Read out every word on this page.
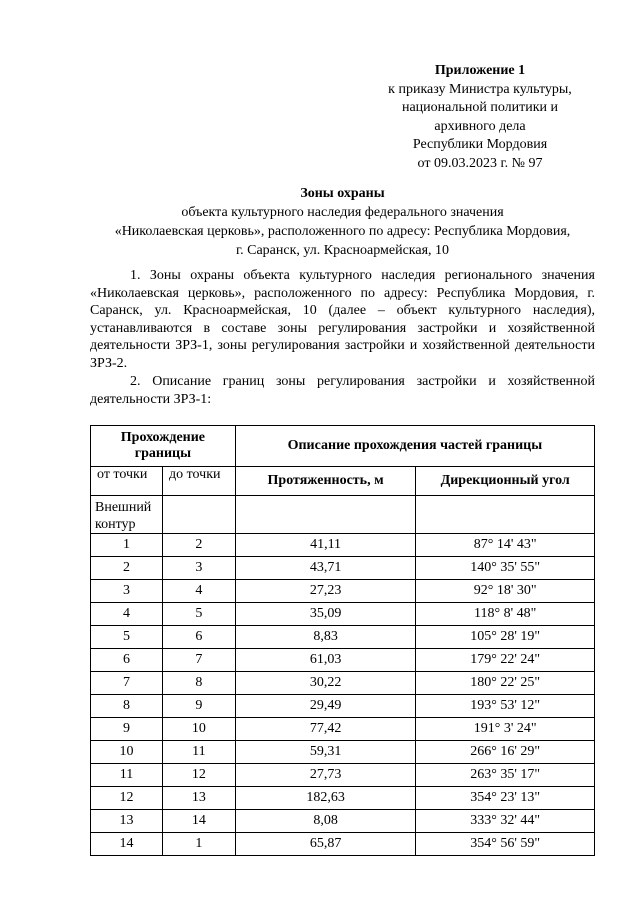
Приложение 1
к приказу Министра культуры,
национальной политики и
архивного дела
Республики Мордовия
от 09.03.2023 г. № 97
Зоны охраны
объекта культурного наследия федерального значения
«Николаевская церковь», расположенного по адресу: Республика Мордовия,
г. Саранск, ул. Красноармейская, 10

1. Зоны охраны объекта культурного наследия регионального значения «Николаевская церковь», расположенного по адресу: Республика Мордовия, г. Саранск, ул. Красноармейская, 10 (далее – объект культурного наследия), устанавливаются в составе зоны регулирования застройки и хозяйственной деятельности ЗРЗ-1, зоны регулирования застройки и хозяйственной деятельности ЗРЗ-2.

2. Описание границ зоны регулирования застройки и хозяйственной деятельности ЗРЗ-1:

Прохождение границы		Описание прохождения частей границы	
от точки	до точки	Протяженность, м	Дирекционный угол
Внешний контур			
1	2	41,11	87° 14' 43"
2	3	43,71	140° 35' 55"
3	4	27,23	92° 18' 30"
4	5	35,09	118° 8' 48"
5	6	8,83	105° 28' 19"
6	7	61,03	179° 22' 24"
7	8	30,22	180° 22' 25"
8	9	29,49	193° 53' 12"
9	10	77,42	191° 3' 24"
10	11	59,31	266° 16' 29"
11	12	27,73	263° 35' 17"
12	13	182,63	354° 23' 13"
13	14	8,08	333° 32' 44"
14	1	65,87	354° 56' 59"
